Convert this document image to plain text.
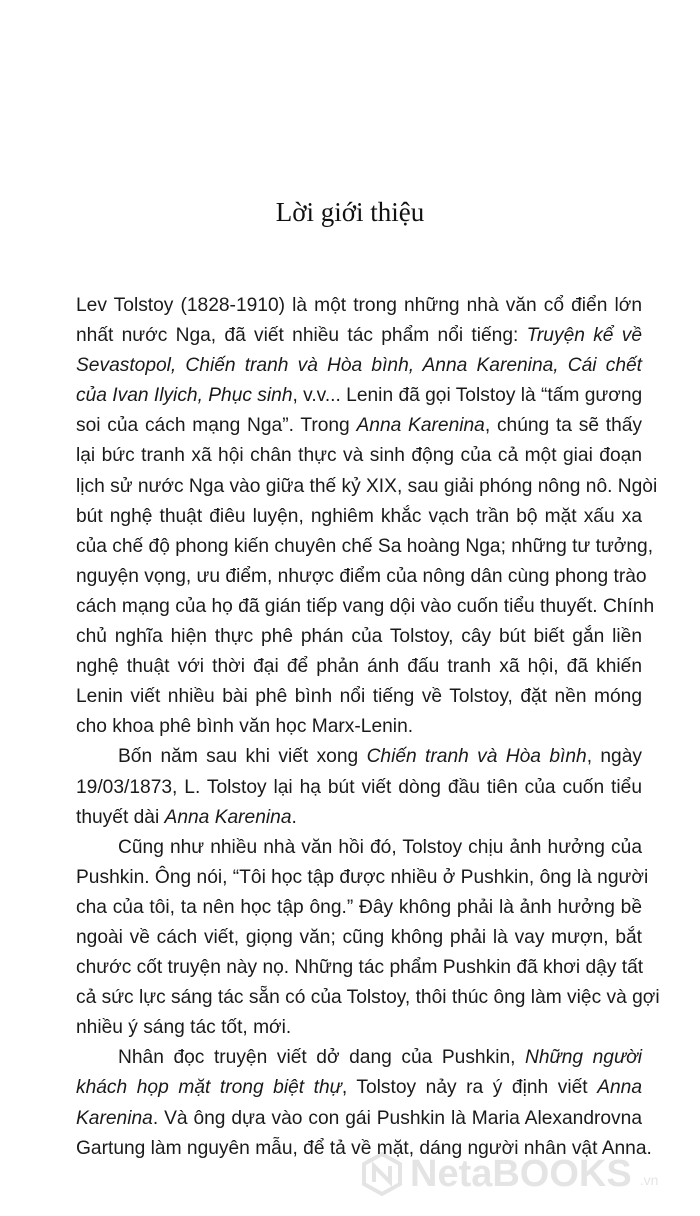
Lời giới thiệu
Lev Tolstoy (1828-1910) là một trong những nhà văn cổ điển lớn
nhất nước Nga, đã viết nhiều tác phẩm nổi tiếng: Truyện kể về
Sevastopol, Chiến tranh và Hòa bình, Anna Karenina, Cái chết
của Ivan Ilyich, Phục sinh, v.v... Lenin đã gọi Tolstoy là “tấm gương
soi của cách mạng Nga”. Trong Anna Karenina, chúng ta sẽ thấy
lại bức tranh xã hội chân thực và sinh động của cả một giai đoạn
lịch sử nước Nga vào giữa thế kỷ XIX, sau giải phóng nông nô. Ngòi
bút nghệ thuật điêu luyện, nghiêm khắc vạch trần bộ mặt xấu xa
của chế độ phong kiến chuyên chế Sa hoàng Nga; những tư tưởng,
nguyện vọng, ưu điểm, nhược điểm của nông dân cùng phong trào
cách mạng của họ đã gián tiếp vang dội vào cuốn tiểu thuyết. Chính
chủ nghĩa hiện thực phê phán của Tolstoy, cây bút biết gắn liền
nghệ thuật với thời đại để phản ánh đấu tranh xã hội, đã khiến
Lenin viết nhiều bài phê bình nổi tiếng về Tolstoy, đặt nền móng
cho khoa phê bình văn học Marx-Lenin.
Bốn năm sau khi viết xong Chiến tranh và Hòa bình, ngày
19/03/1873, L. Tolstoy lại hạ bút viết dòng đầu tiên của cuốn tiểu
thuyết dài Anna Karenina.
Cũng như nhiều nhà văn hồi đó, Tolstoy chịu ảnh hưởng của
Pushkin. Ông nói, “Tôi học tập được nhiều ở Pushkin, ông là người
cha của tôi, ta nên học tập ông.” Đây không phải là ảnh hưởng bề
ngoài về cách viết, giọng văn; cũng không phải là vay mượn, bắt
chước cốt truyện này nọ. Những tác phẩm Pushkin đã khơi dậy tất
cả sức lực sáng tác sẵn có của Tolstoy, thôi thúc ông làm việc và gợi
nhiều ý sáng tác tốt, mới.
Nhân đọc truyện viết dở dang của Pushkin, Những người
khách họp mặt trong biệt thự, Tolstoy nảy ra ý định viết Anna
Karenina. Và ông dựa vào con gái Pushkin là Maria Alexandrovna
Gartung làm nguyên mẫu, để tả về mặt, dáng người nhân vật Anna.
NetaBOOKS .vn
